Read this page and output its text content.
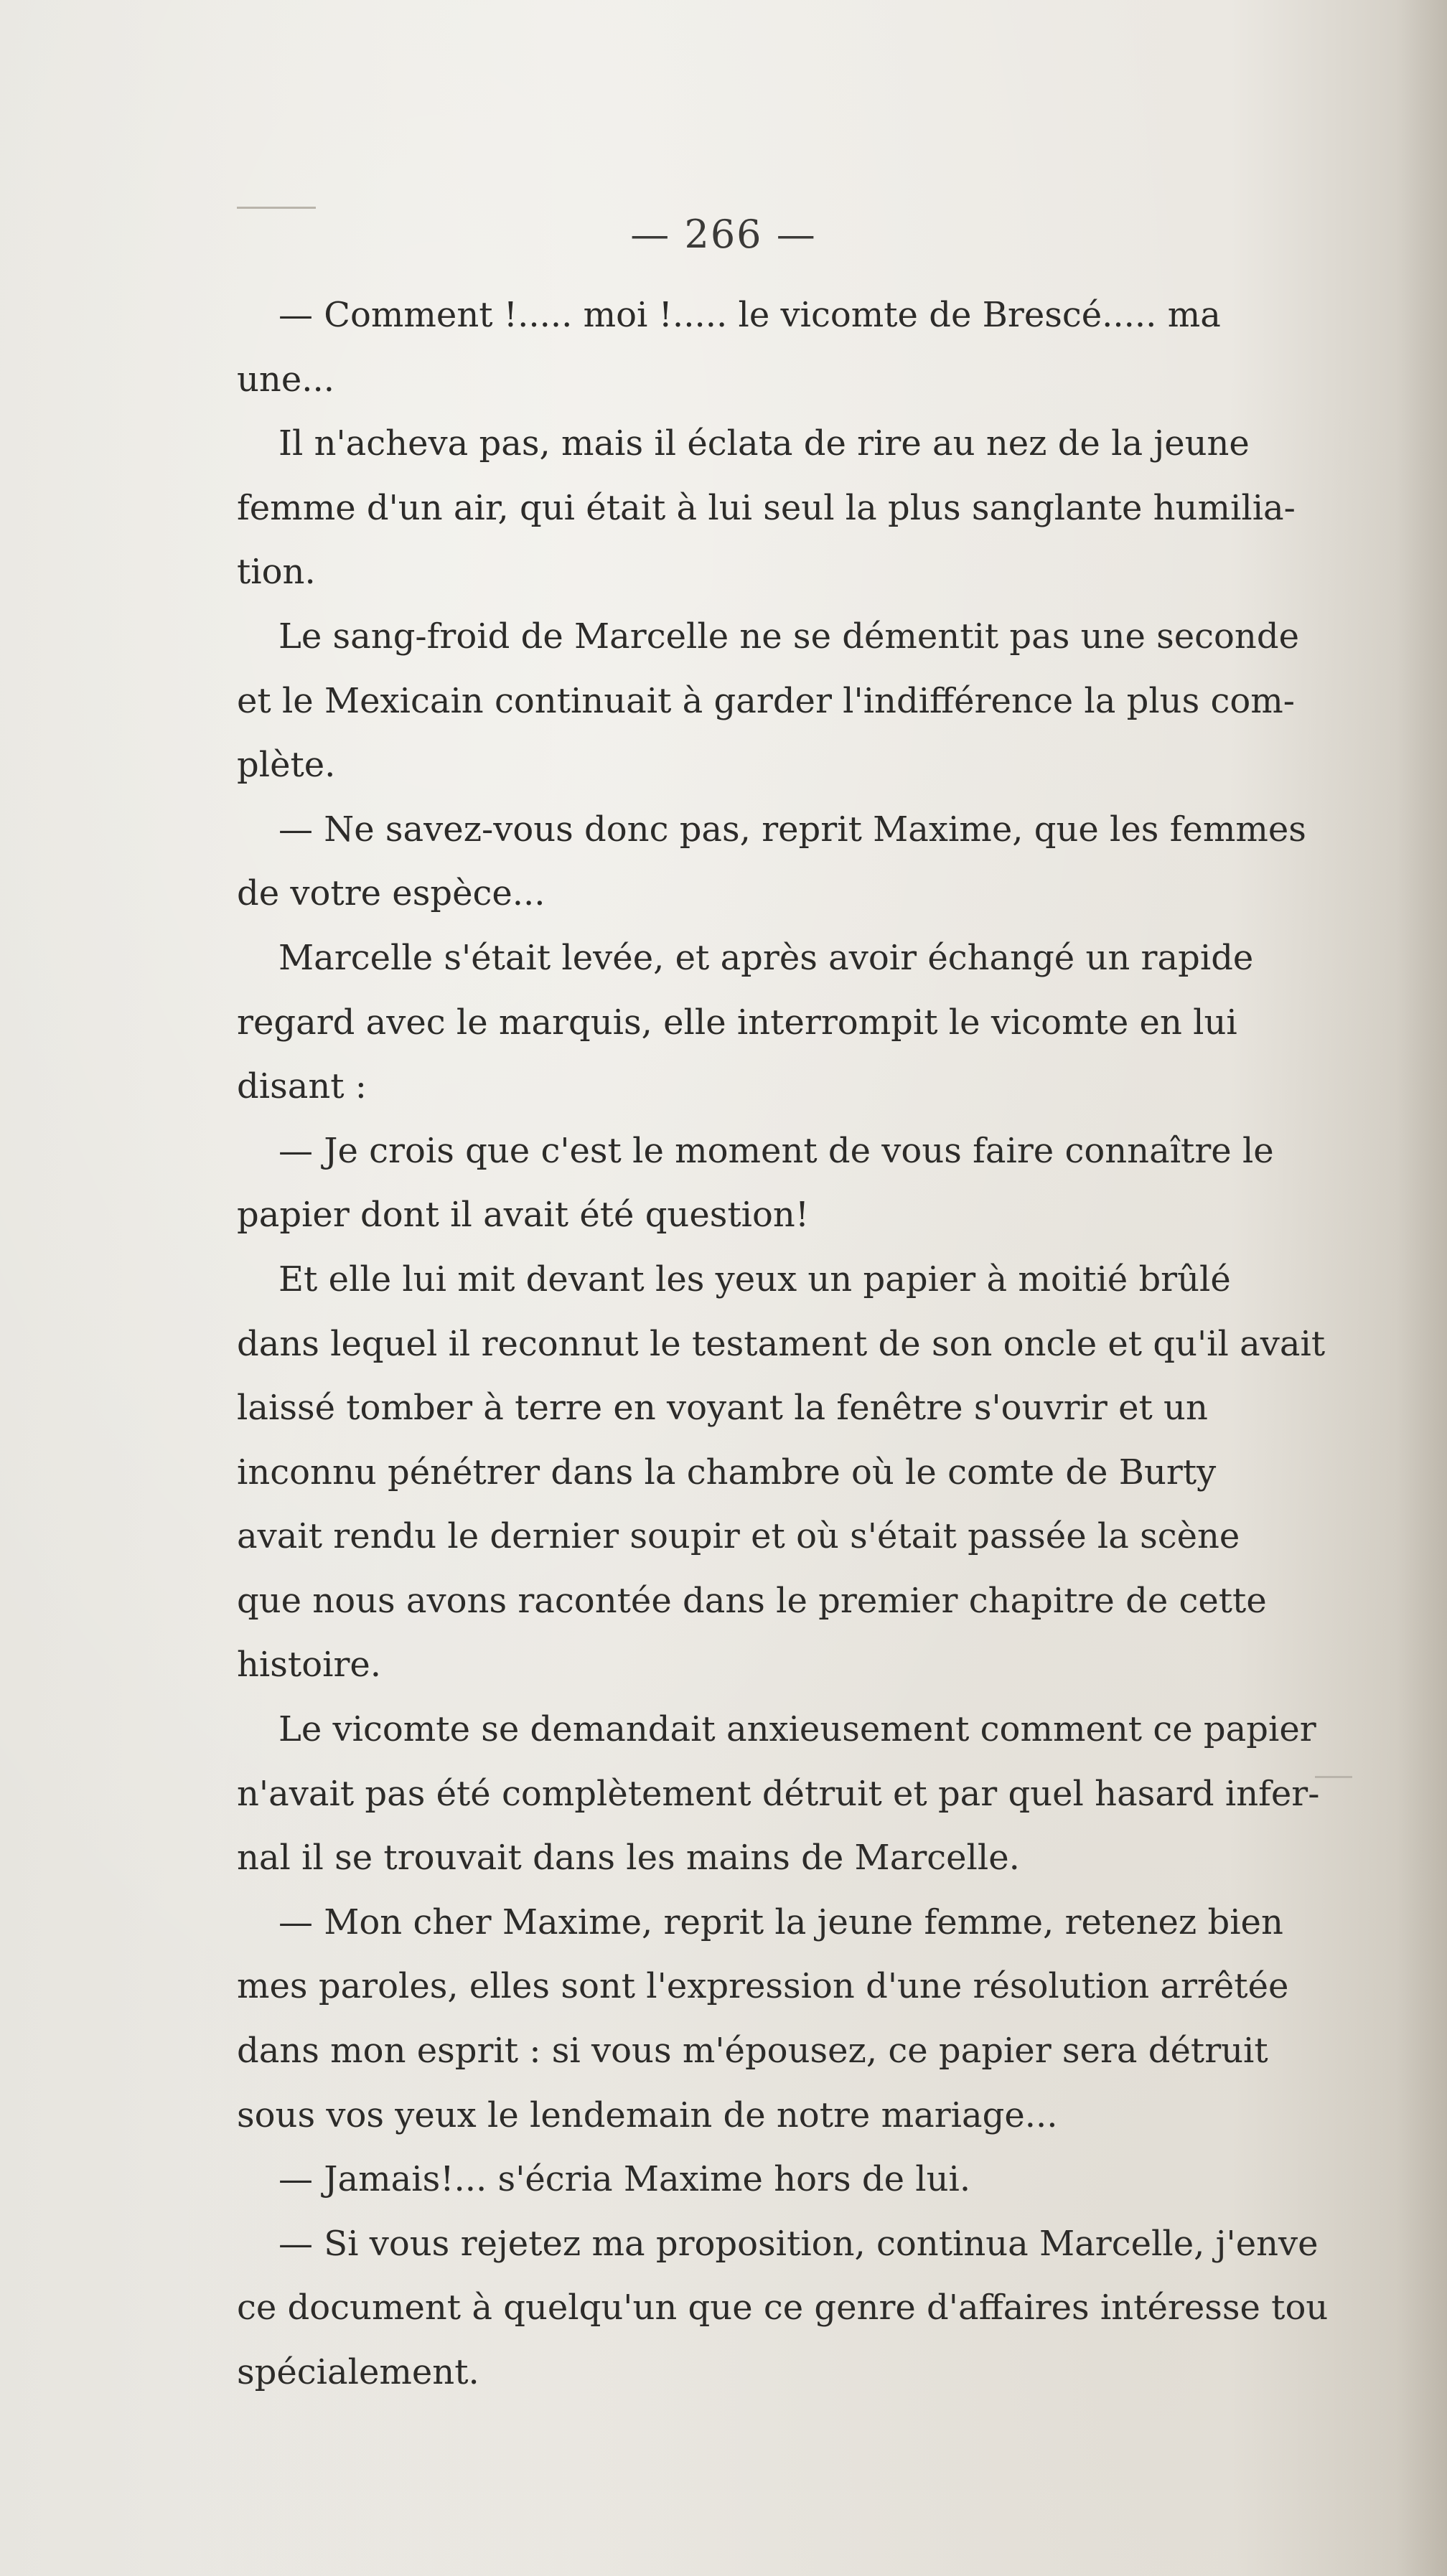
— 266 —
— Comment !..... moi !..... le vicomte de Brescé..... ma
une...
Il n'acheva pas, mais il éclata de rire au nez de la jeune
femme d'un air, qui était à lui seul la plus sanglante humilia-
tion.
Le sang-froid de Marcelle ne se démentit pas une seconde
et le Mexicain continuait à garder l'indifférence la plus com-
plète.
— Ne savez-vous donc pas, reprit Maxime, que les femmes
de votre espèce...
Marcelle s'était levée, et après avoir échangé un rapide
regard avec le marquis, elle interrompit le vicomte en lui
disant :
— Je crois que c'est le moment de vous faire connaître le
papier dont il avait été question!
Et elle lui mit devant les yeux un papier à moitié brûlé
dans lequel il reconnut le testament de son oncle et qu'il avait
laissé tomber à terre en voyant la fenêtre s'ouvrir et un
inconnu pénétrer dans la chambre où le comte de Burty
avait rendu le dernier soupir et où s'était passée la scène
que nous avons racontée dans le premier chapitre de cette
histoire.
Le vicomte se demandait anxieusement comment ce papier
n'avait pas été complètement détruit et par quel hasard infer-
nal il se trouvait dans les mains de Marcelle.
— Mon cher Maxime, reprit la jeune femme, retenez bien
mes paroles, elles sont l'expression d'une résolution arrêtée
dans mon esprit : si vous m'épousez, ce papier sera détruit
sous vos yeux le lendemain de notre mariage...
— Jamais!... s'écria Maxime hors de lui.
— Si vous rejetez ma proposition, continua Marcelle, j'enve
ce document à quelqu'un que ce genre d'affaires intéresse tou
spécialement.
